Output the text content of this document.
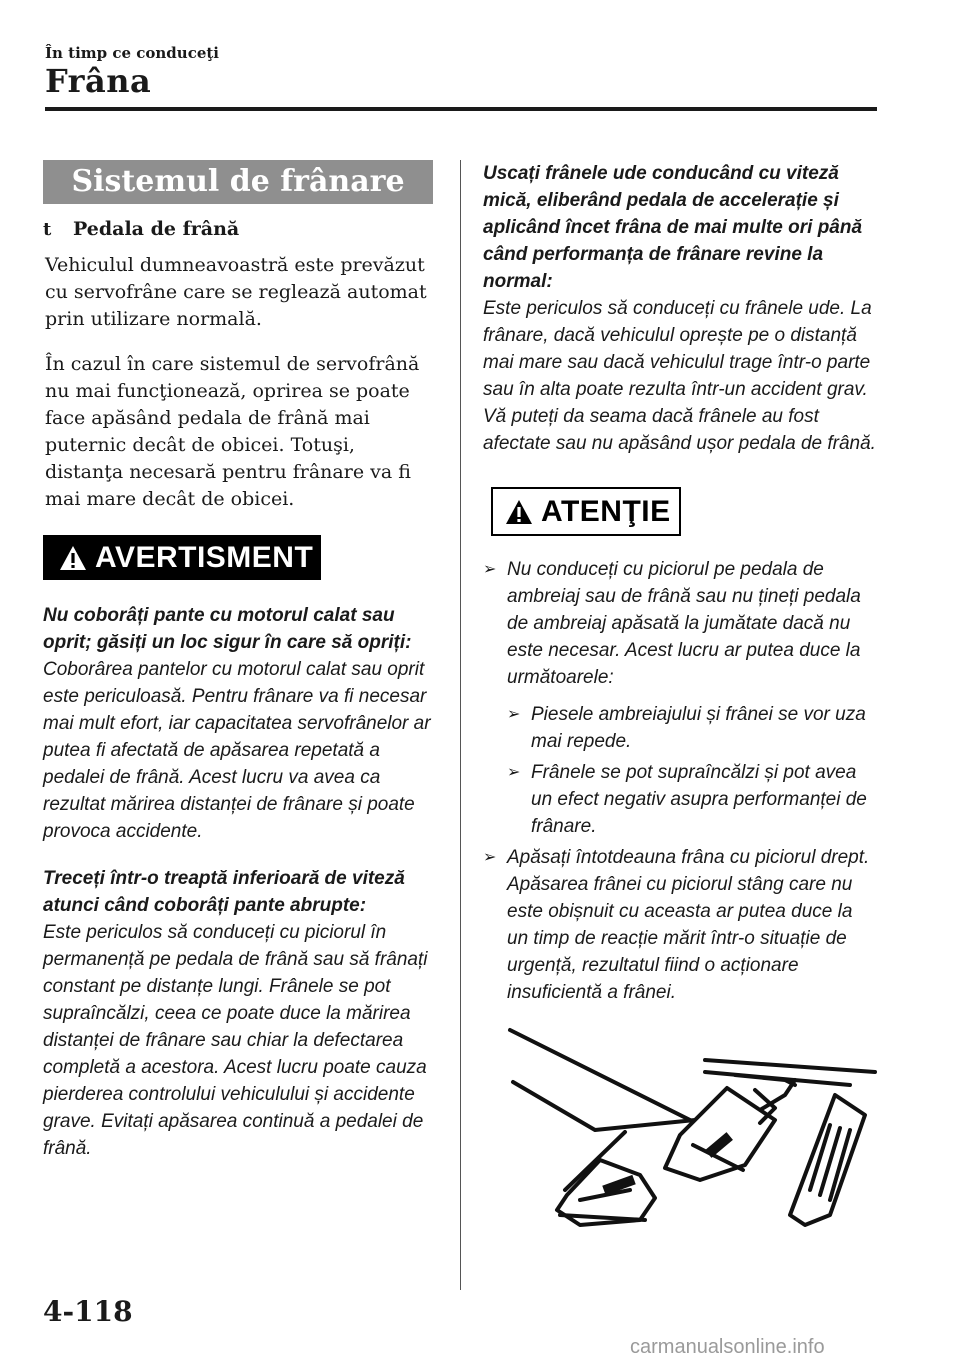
În timp ce conduceţi
Frâna
Sistemul de frânare
t	Pedala de frână

Vehiculul dumneavoastră este prevăzut cu servofrâne care se reglează automat prin utilizare normală.

În cazul în care sistemul de servofrână nu mai funcţionează, oprirea se poate face apăsând pedala de frână mai puternic decât de obicei. Totuşi, distanţa necesară pentru frânare va fi mai mare decât de obicei.

AVERTISMENT
Nu coborâți pante cu motorul calat sau oprit; găsiți un loc sigur în care să opriți:
Coborârea pantelor cu motorul calat sau oprit este periculoasă. Pentru frânare va fi necesar mai mult efort, iar capacitatea servofrânelor ar putea fi afectată de apăsarea repetată a pedalei de frână. Acest lucru va avea ca rezultat mărirea distanței de frânare și poate provoca accidente.
Treceți într-o treaptă inferioară de viteză atunci când coborâți pante abrupte:
Este periculos să conduceți cu piciorul în permanență pe pedala de frână sau să frânați constant pe distanțe lungi. Frânele se pot supraîncălzi, ceea ce poate duce la mărirea distanței de frânare sau chiar la defectarea completă a acestora. Acest lucru poate cauza pierderea controlului vehiculului și accidente grave. Evitați apăsarea continuă a pedalei de frână.
Uscați frânele ude conducând cu viteză mică, eliberând pedala de accelerație și aplicând încet frâna de mai multe ori până când performanța de frânare revine la normal:
Este periculos să conduceți cu frânele ude. La frânare, dacă vehiculul oprește pe o distanță mai mare sau dacă vehiculul trage într-o parte sau în alta poate rezulta într-un accident grav. Vă puteți da seama dacă frânele au fost afectate sau nu apăsând ușor pedala de frână.
ATENŢIE
➢ Nu conduceți cu piciorul pe pedala de ambreiaj sau de frână sau nu țineți pedala de ambreiaj apăsată la jumătate dacă nu este necesar. Acest lucru ar putea duce la următoarele:
➢ Piesele ambreiajului și frânei se vor uza mai repede.
➢ Frânele se pot supraîncălzi și pot avea un efect negativ asupra performanței de frânare.
➢ Apăsați întotdeauna frâna cu piciorul drept. Apăsarea frânei cu piciorul stâng care nu este obișnuit cu aceasta ar putea duce la un timp de reacție mărit într-o situație de urgență, rezultatul fiind o acționare insuficientă a frânei.
4-118
carmanualsonline.info
